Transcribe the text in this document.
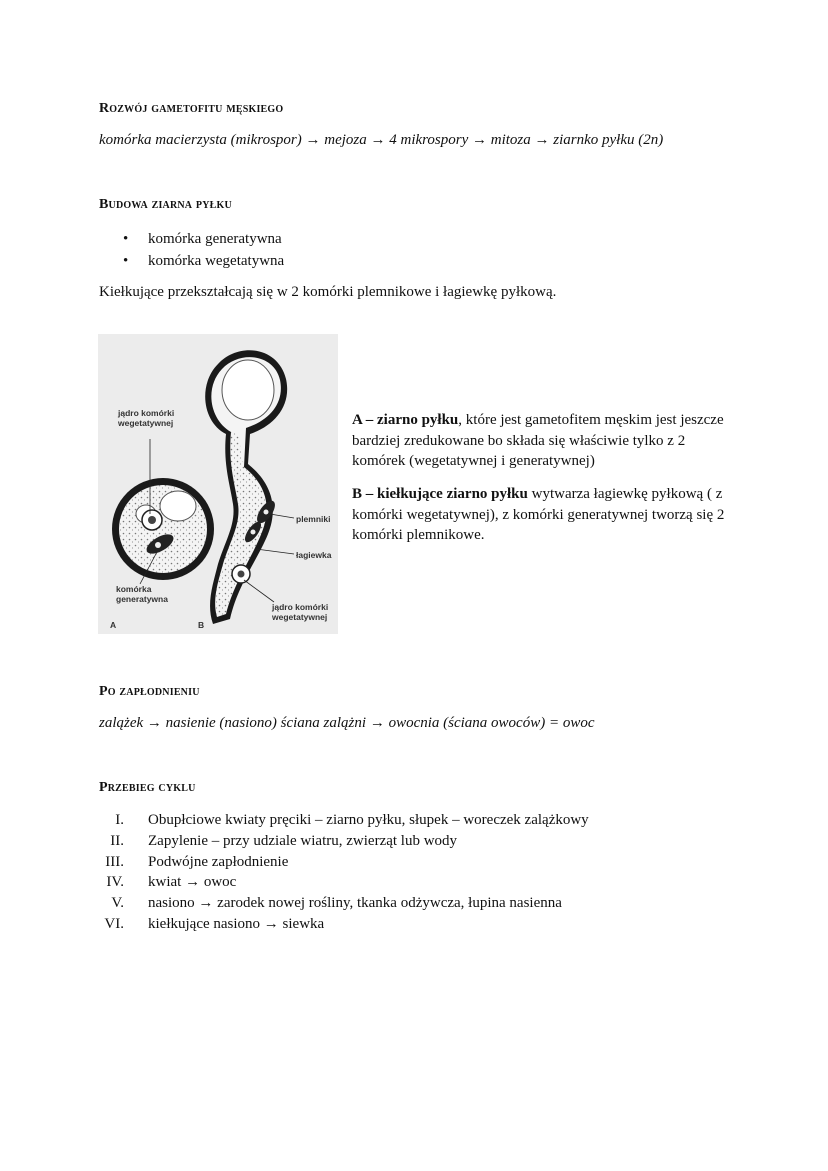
Rozwój gametofitu męskiego

komórka macierzysta (mikrospor) → mejoza → 4 mikrospory → mitoza → ziarnko pyłku (2n)

Budowa ziarna pyłku
• komórka generatywna
• komórka wegetatywna

Kiełkujące przekształcają się w 2 komórki plemnikowe i łagiewkę pyłkową.

jądro komórki
wegetatywnej
komórka
generatywna
A	B
plemniki
łagiewka
jądro komórki
wegetatywnej

A – ziarno pyłku, które jest gametofitem męskim jest jeszcze bardziej zredukowane bo składa się właściwie tylko z 2 komórek (wegetatywnej i generatywnej)

B – kiełkujące ziarno pyłku wytwarza łagiewkę pyłkową ( z komórki wegetatywnej), z komórki generatywnej tworzą się 2 komórki plemnikowe.

Po zapłodnieniu

zalążek → nasienie (nasiono) ściana zalążni → owocnia (ściana owoców) = owoc

Przebieg cyklu
I. Obupłciowe kwiaty pręciki – ziarno pyłku, słupek – woreczek zalążkowy
II. Zapylenie – przy udziale wiatru, zwierząt lub wody
III. Podwójne zapłodnienie
IV. kwiat → owoc
V. nasiono → zarodek nowej rośliny, tkanka odżywcza, łupina nasienna
VI. kiełkujące nasiono → siewka
